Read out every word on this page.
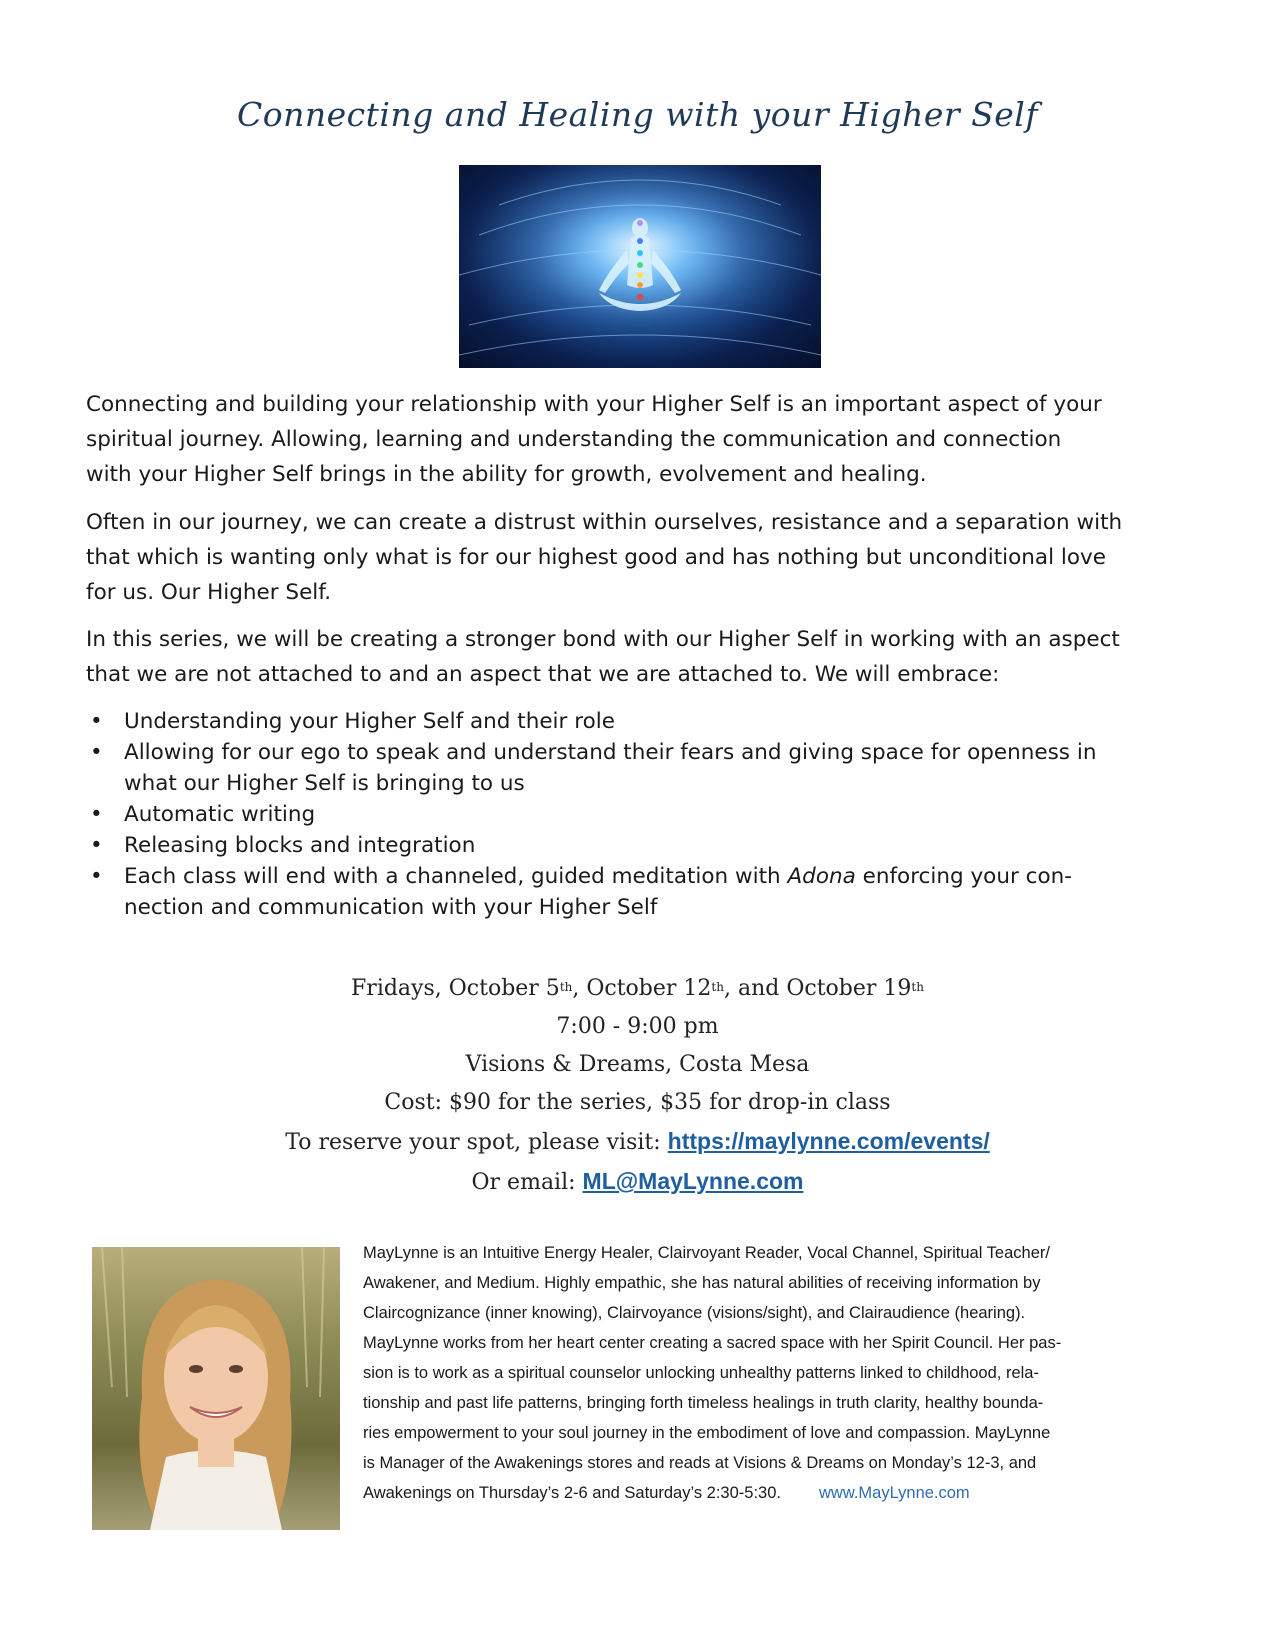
Connecting and Healing with your Higher Self
Connecting and building your relationship with your Higher Self is an important aspect of your
spiritual journey. Allowing, learning and understanding the communication and connection
with your Higher Self brings in the ability for growth, evolvement and healing.
Often in our journey, we can create a distrust within ourselves, resistance and a separation with
that which is wanting only what is for our highest good and has nothing but unconditional love
for us. Our Higher Self.
In this series, we will be creating a stronger bond with our Higher Self in working with an aspect
that we are not attached to and an aspect that we are attached to. We will embrace:
• Understanding your Higher Self and their role
• Allowing for our ego to speak and understand their fears and giving space for openness in
what our Higher Self is bringing to us
• Automatic writing
• Releasing blocks and integration
• Each class will end with a channeled, guided meditation with Adona enforcing your con-
nection and communication with your Higher Self
Fridays, October 5th, October 12th, and October 19th
7:00 - 9:00 pm
Visions & Dreams, Costa Mesa
Cost: $90 for the series, $35 for drop-in class
To reserve your spot, please visit: https://maylynne.com/events/
Or email: ML@MayLynne.com
MayLynne is an Intuitive Energy Healer, Clairvoyant Reader, Vocal Channel, Spiritual Teacher/
Awakener, and Medium. Highly empathic, she has natural abilities of receiving information by
Claircognizance (inner knowing), Clairvoyance (visions/sight), and Clairaudience (hearing).
MayLynne works from her heart center creating a sacred space with her Spirit Council. Her pas-
sion is to work as a spiritual counselor unlocking unhealthy patterns linked to childhood, rela-
tionship and past life patterns, bringing forth timeless healings in truth clarity, healthy bounda-
ries empowerment to your soul journey in the embodiment of love and compassion. MayLynne
is Manager of the Awakenings stores and reads at Visions & Dreams on Monday’s 12-3, and
Awakenings on Thursday’s 2-6 and Saturday’s 2:30-5:30. www.MayLynne.com
